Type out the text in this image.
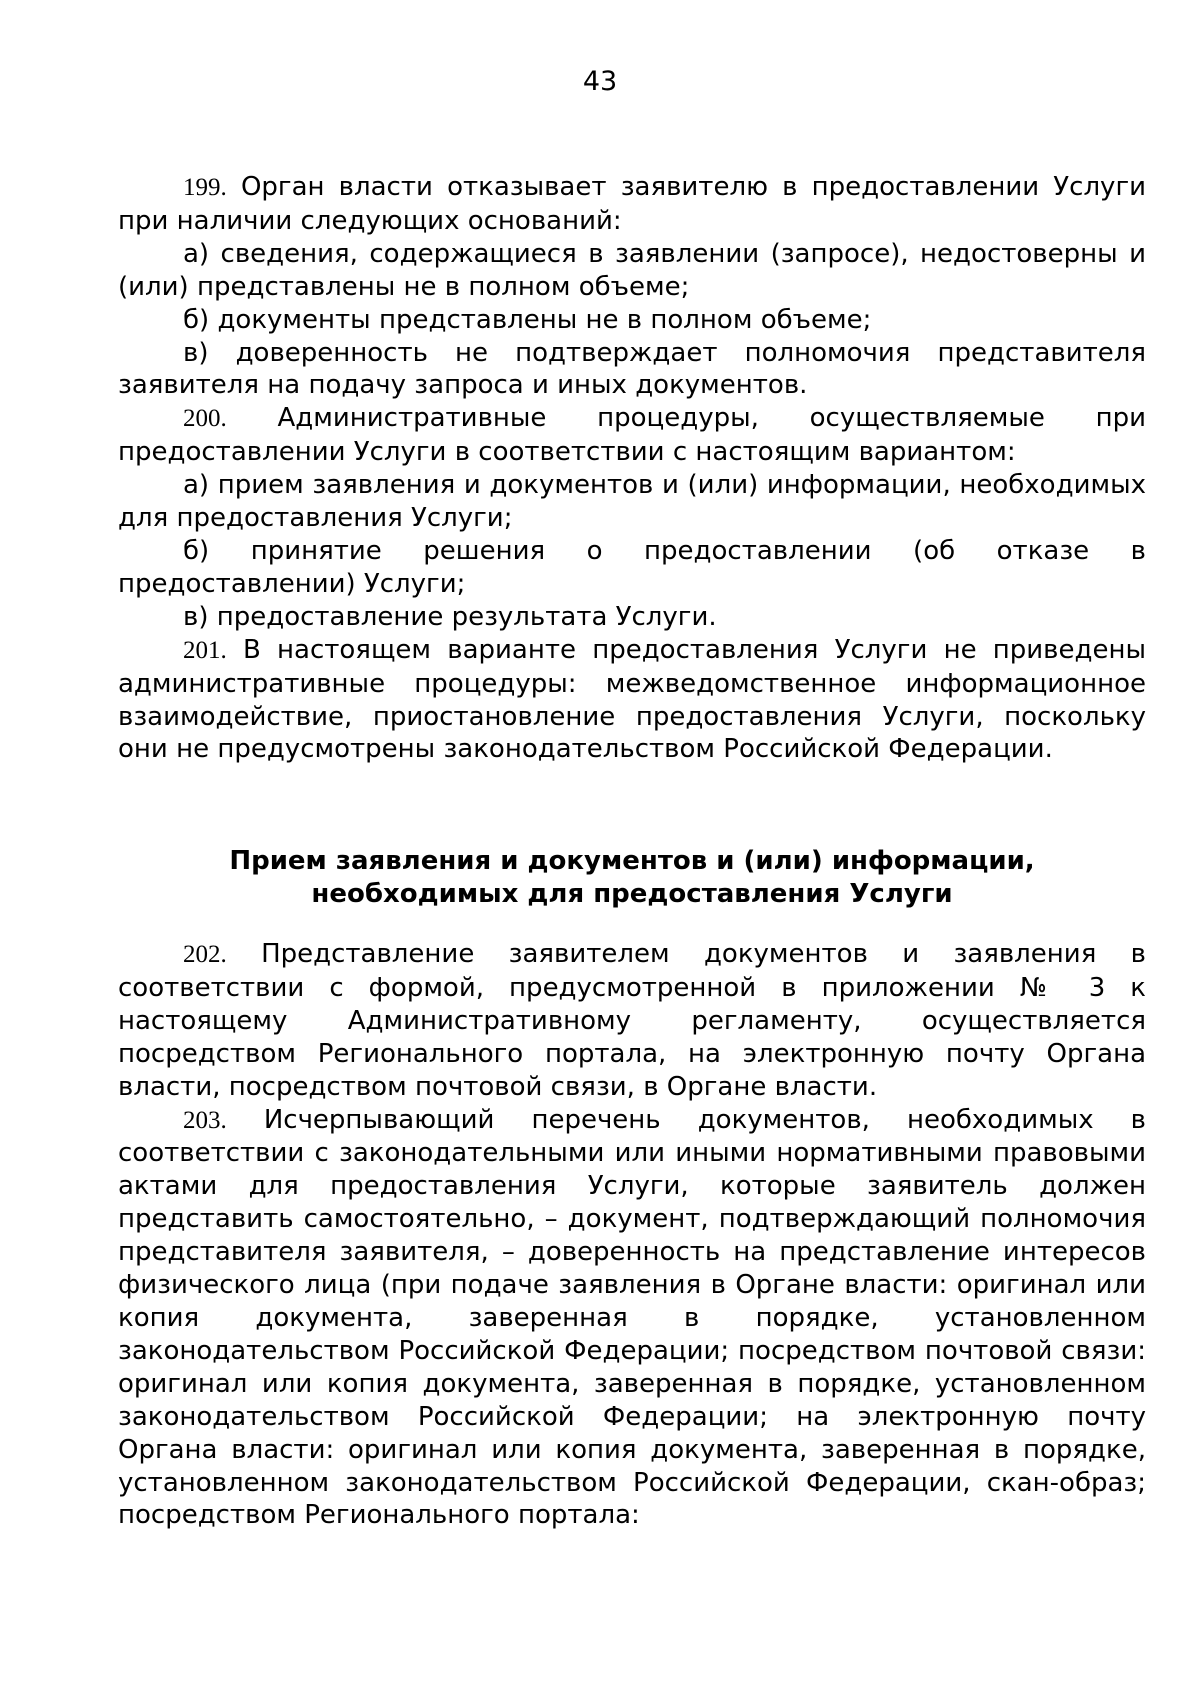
43

199. Орган власти отказывает заявителю в предоставлении Услуги при наличии следующих оснований:

а) сведения, содержащиеся в заявлении (запросе), недостоверны и (или) представлены не в полном объеме;

б) документы представлены не в полном объеме;

в) доверенность не подтверждает полномочия представителя заявителя на подачу запроса и иных документов.

200. Административные процедуры, осуществляемые при предоставлении Услуги в соответствии с настоящим вариантом:

а) прием заявления и документов и (или) информации, необходимых для предоставления Услуги;

б) принятие решения о предоставлении (об отказе в предоставлении) Услуги;

в) предоставление результата Услуги.

201. В настоящем варианте предоставления Услуги не приведены административные процедуры: межведомственное информационное взаимодействие, приостановление предоставления Услуги, поскольку они не предусмотрены законодательством Российской Федерации.

Прием заявления и документов и (или) информации,
необходимых для предоставления Услуги

202. Представление заявителем документов и заявления в соответствии с формой, предусмотренной в приложении № 3 к настоящему Административному регламенту, осуществляется посредством Регионального портала, на электронную почту Органа власти, посредством почтовой связи, в Органе власти.

203. Исчерпывающий перечень документов, необходимых в соответствии с законодательными или иными нормативными правовыми актами для предоставления Услуги, которые заявитель должен представить самостоятельно, – документ, подтверждающий полномочия представителя заявителя, – доверенность на представление интересов физического лица (при подаче заявления в Органе власти: оригинал или копия документа, заверенная в порядке, установленном законодательством Российской Федерации; посредством почтовой связи: оригинал или копия документа, заверенная в порядке, установленном законодательством Российской Федерации; на электронную почту Органа власти: оригинал или копия документа, заверенная в порядке, установленном законодательством Российской Федерации, скан-образ; посредством Регионального портала:
